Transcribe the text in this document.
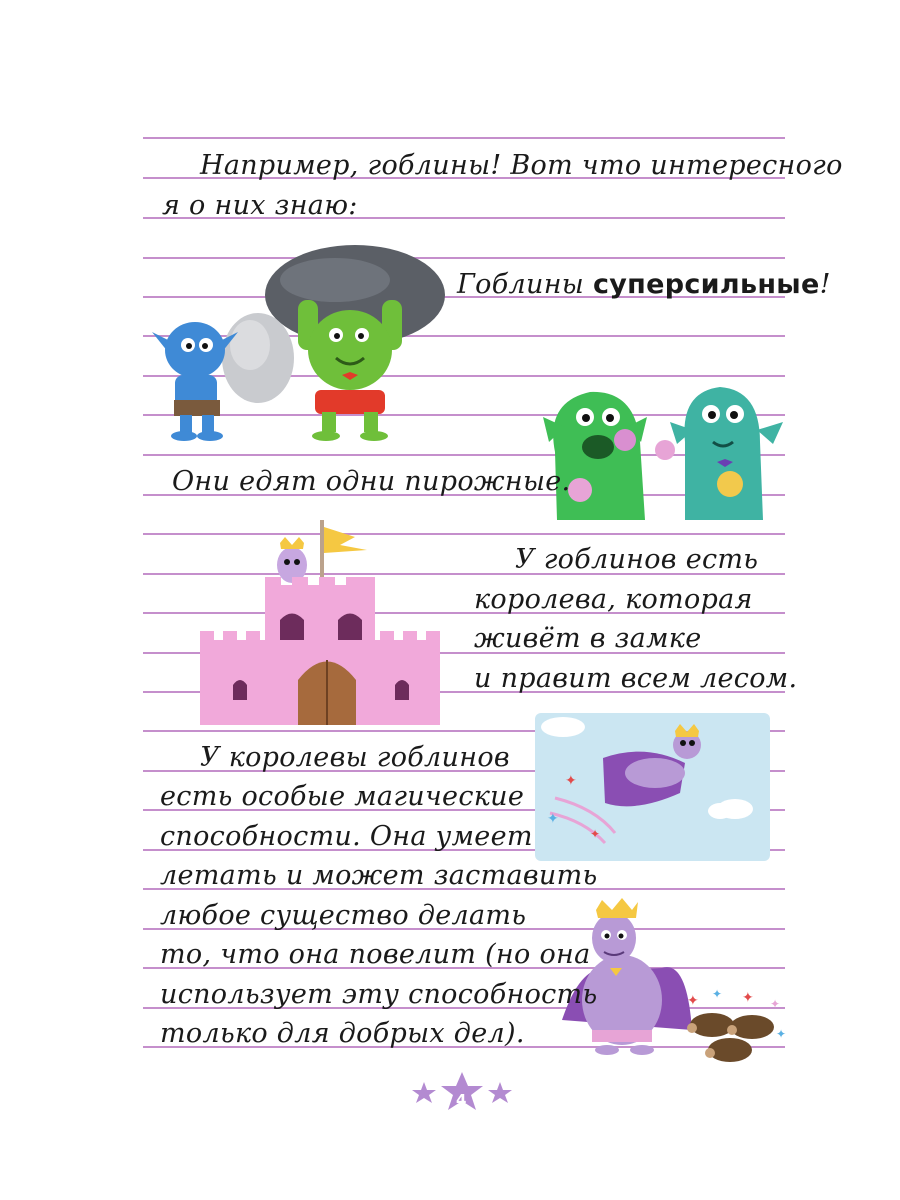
✦
✦
✦
✦ ✦ ✦ ✦
✦
Например, гоблины! Вот что интересного
я о них знаю:
Гоблины суперсильные!
Они едят одни пирожные.
У гоблинов есть
королева, которая
живёт в замке
и правит всем лесом.
У королевы гоблинов
есть особые магические
способности. Она умеет
летать и может заставить
любое существо делать
то, что она повелит (но она
использует эту способность
только для добрых дел).
4
